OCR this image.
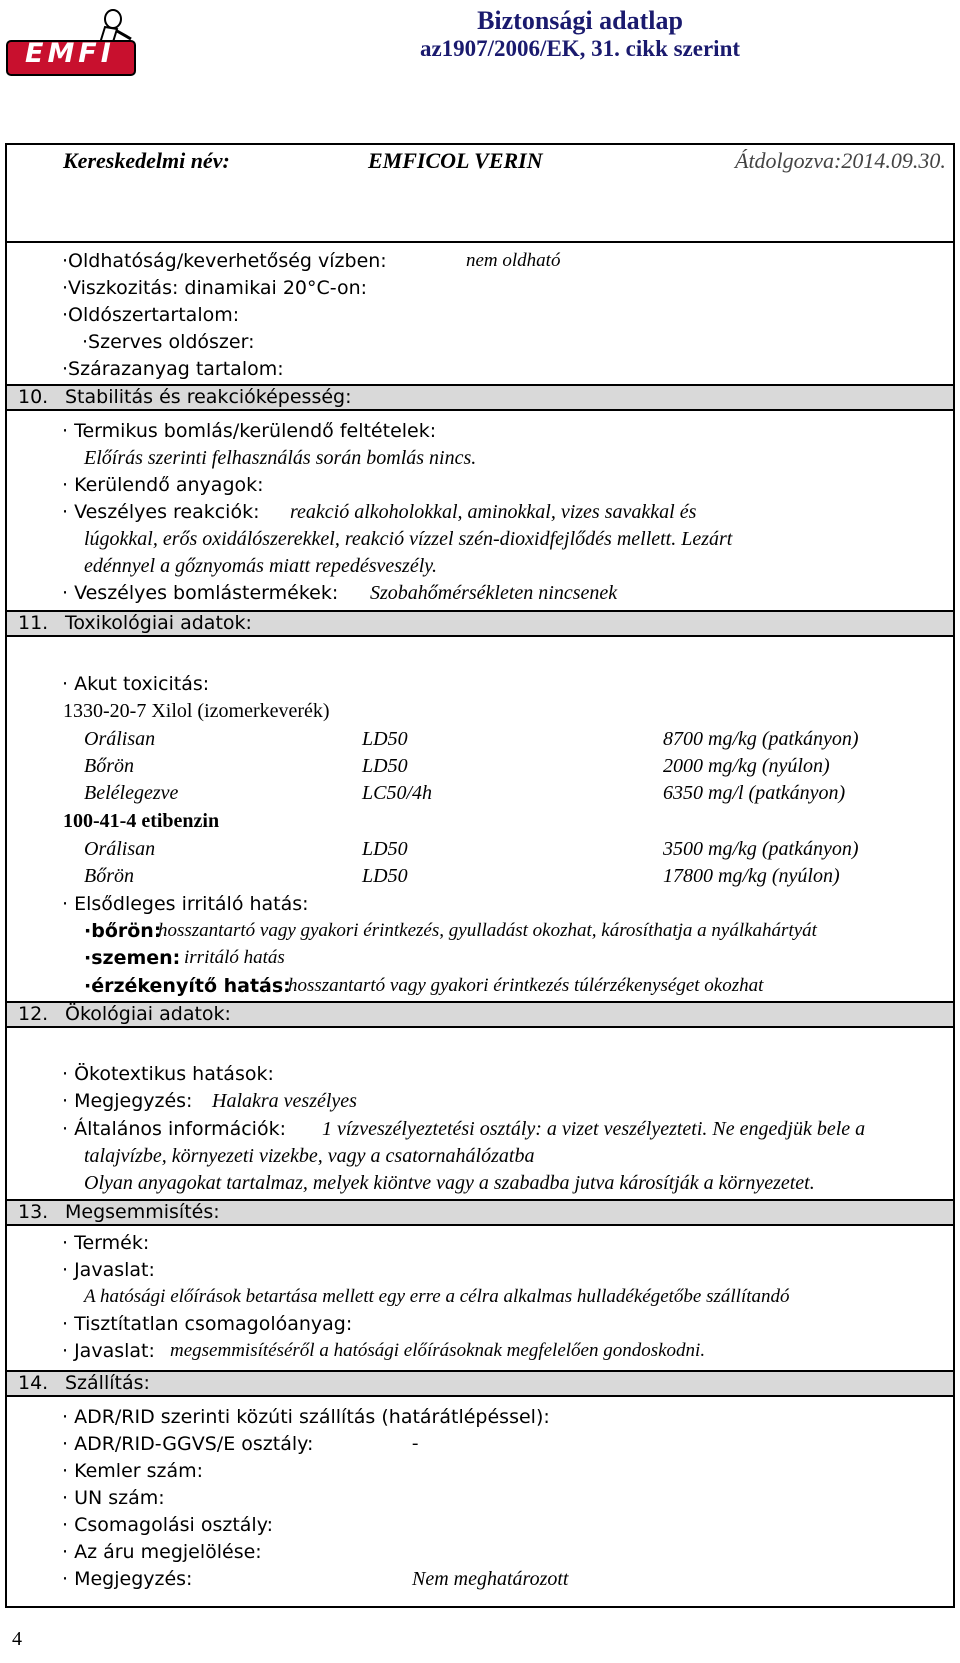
EMFI
Biztonsági adatlap
az1907/2006/EK, 31. cikk szerint
Kereskedelmi név:	EMFICOL VERIN	Átdolgozva:2014.09.30.
·Oldhatóság/keverhetőség vízben:	nem oldható
·Viszkozitás: dinamikai 20°C-on:
·Oldószertartalom:
·Szerves oldószer:
·Szárazanyag tartalom:
10. Stabilitás és reakcióképesség:
· Termikus bomlás/kerülendő feltételek:
Előírás szerinti felhasználás során bomlás nincs.
· Kerülendő anyagok:
· Veszélyes reakciók: reakció alkoholokkal, aminokkal, vizes savakkal és
lúgokkal, erős oxidálószerekkel, reakció vízzel szén-dioxidfejlődés mellett. Lezárt
edénnyel a gőznyomás miatt repedésveszély.
· Veszélyes bomlástermékek: Szobahőmérsékleten nincsenek
11. Toxikológiai adatok:
· Akut toxicitás:
1330-20-7 Xilol (izomerkeverék)
Orálisan	LD50	8700 mg/kg (patkányon)
Bőrön	LD50	2000 mg/kg (nyúlon)
Belélegezve	LC50/4h	6350 mg/l (patkányon)
100-41-4 etibenzin
Orálisan	LD50	3500 mg/kg (patkányon)
Bőrön	LD50	17800 mg/kg (nyúlon)
· Elsődleges irritáló hatás:
·bőrön:
hosszantartó vagy gyakori érintkezés, gyulladást okozhat, károsíthatja a nyálkahártyát
·szemen: irritáló hatás
·érzékenyítő hatás:
hosszantartó vagy gyakori érintkezés túlérzékenységet okozhat
12. Ökológiai adatok:
· Ökotextikus hatások:
· Megjegyzés: Halakra veszélyes
· Általános információk: 1 vízveszélyeztetési osztály: a vizet veszélyezteti. Ne engedjük bele a
talajvízbe, környezeti vizekbe, vagy a csatornahálózatba
Olyan anyagokat tartalmaz, melyek kiöntve vagy a szabadba jutva károsítják a környezetet.
13. Megsemmisítés:
· Termék:
· Javaslat:
A hatósági előírások betartása mellett egy erre a célra alkalmas hulladékégetőbe szállítandó
· Tisztítatlan csomagolóanyag:
· Javaslat: megsemmisítéséről a hatósági előírásoknak megfelelően gondoskodni.
14. Szállítás:
· ADR/RID szerinti közúti szállítás (határátlépéssel):
· ADR/RID-GGVS/E osztály:	-
· Kemler szám:
· UN szám:
· Csomagolási osztály:
· Az áru megjelölése:
· Megjegyzés:	Nem meghatározott
4
